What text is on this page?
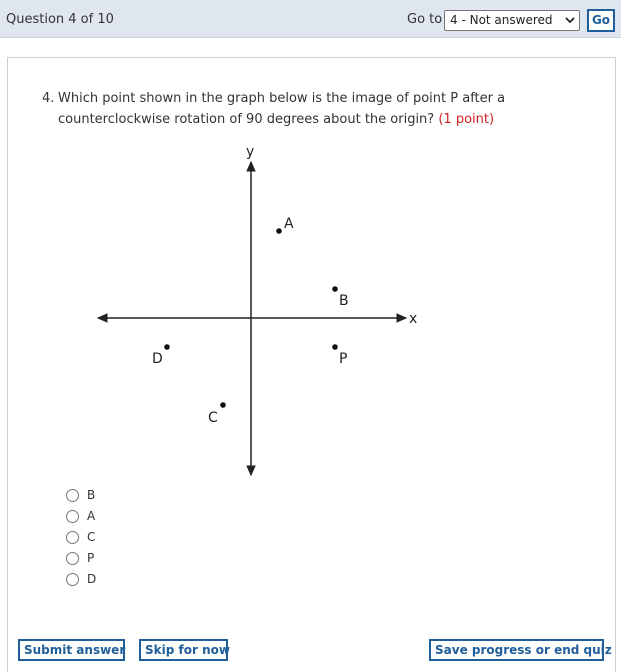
Question 4 of 10	Go to 4 - Not answered	Go
4. Which point shown in the graph below is the image of point P after a counterclockwise rotation of 90 degrees about the origin? (1 point)
x
y
A
B
P
D
C
B
A
C
P
D
Submit answer	Skip for now	Save progress or end quiz
